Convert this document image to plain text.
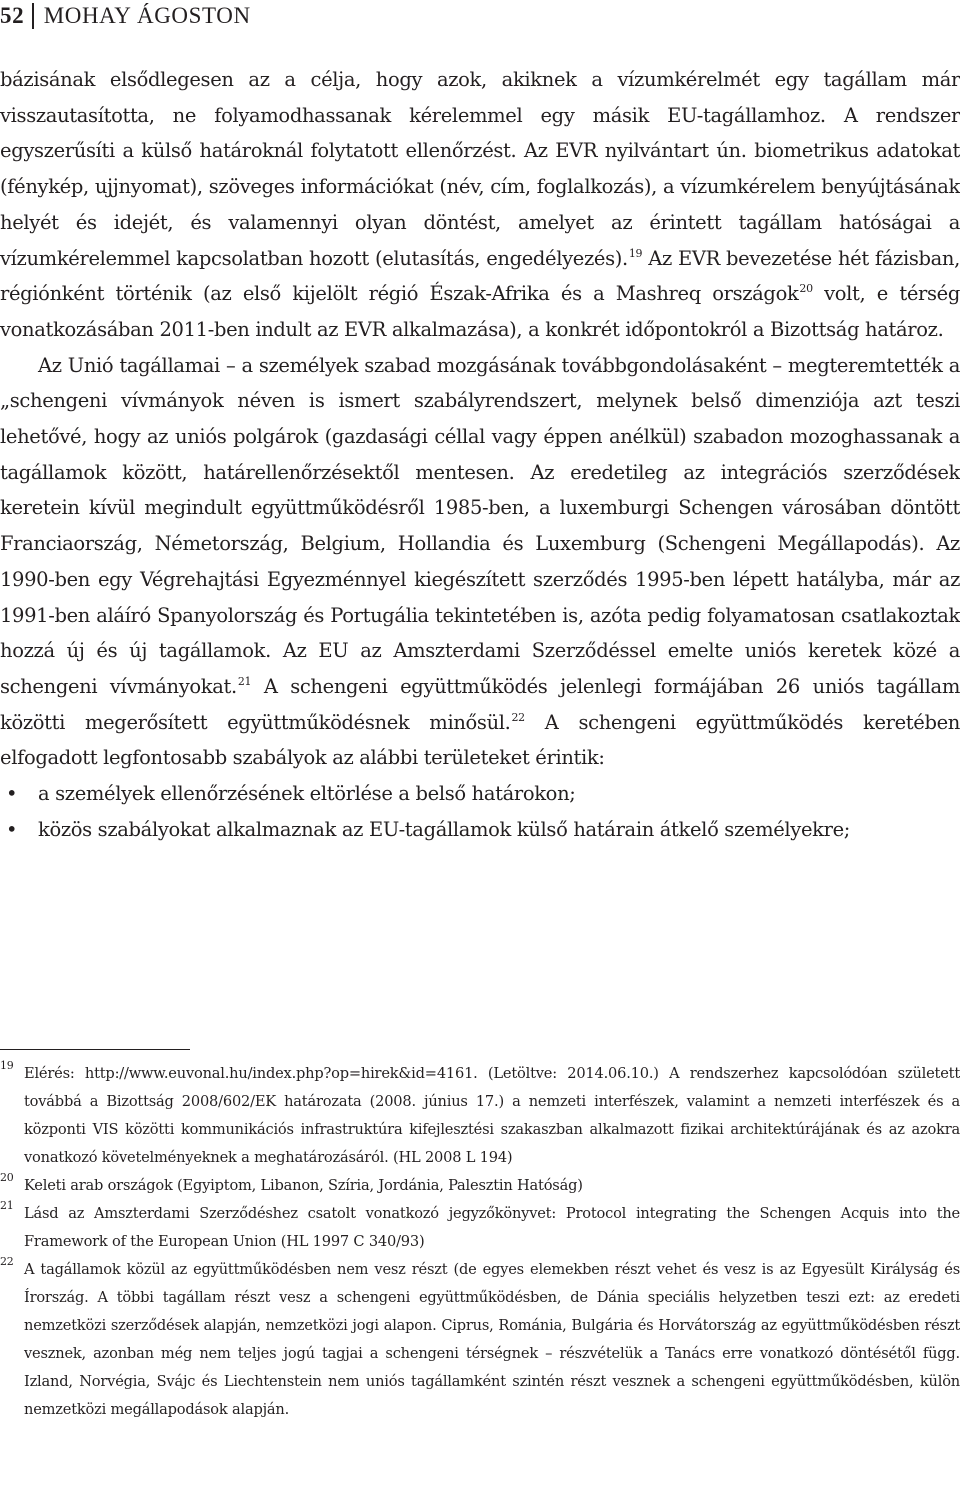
52 MOHAY ÁGOSTON

bázisának elsődlegesen az a célja, hogy azok, akiknek a vízumkérelmét egy tagállam már visszautasította, ne folyamodhassanak kérelemmel egy másik EU-tagállamhoz. A rendszer egyszerűsíti a külső határoknál folytatott ellenőrzést. Az EVR nyilvántart ún. biometrikus adatokat (fénykép, ujjnyomat), szöveges információkat (név, cím, foglalkozás), a vízumkérelem benyújtásának helyét és idejét, és valamennyi olyan döntést, amelyet az érintett tagállam hatóságai a vízumkérelemmel kapcsolatban hozott (elutasítás, engedélyezés).$^{19}$ Az EVR bevezetése hét fázisban, régiónként történik (az első kijelölt régió Észak-Afrika és a Mashreq országok$^{20}$ volt, e térség vonatkozásában 2011-ben indult az EVR alkalmazása), a konkrét időpontokról a Bizottság határoz.

Az Unió tagállamai – a személyek szabad mozgásának továbbgondolásaként – megteremtették a „schengeni vívmányok néven is ismert szabályrendszert, melynek belső dimenziója azt teszi lehetővé, hogy az uniós polgárok (gazdasági céllal vagy éppen anélkül) szabadon mozoghassanak a tagállamok között, határellenőrzésektől mentesen. Az eredetileg az integrációs szerződések keretein kívül megindult együttműködésről 1985-ben, a luxemburgi Schengen városában döntött Franciaország, Németország, Belgium, Hollandia és Luxemburg (Schengeni Megállapodás). Az 1990-ben egy Végrehajtási Egyezménnyel kiegészített szerződés 1995-ben lépett hatályba, már az 1991-ben aláíró Spanyolország és Portugália tekintetében is, azóta pedig folyamatosan csatlakoztak hozzá új és új tagállamok. Az EU az Amszterdami Szerződéssel emelte uniós keretek közé a schengeni vívmányokat.$^{21}$ A schengeni együttműködés jelenlegi formájában 26 uniós tagállam közötti megerősített együttműködésnek minősül.$^{22}$ A schengeni együttműködés keretében elfogadott legfontosabb szabályok az alábbi területeket érintik:

• a személyek ellenőrzésének eltörlése a belső határokon;
• közös szabályokat alkalmaznak az EU-tagállamok külső határain átkelő személyekre;
19 Elérés: http://www.euvonal.hu/index.php?op=hirek&id=4161. (Letöltve: 2014.06.10.) A rendszerhez kapcsolódóan született továbbá a Bizottság 2008/602/EK határozata (2008. június 17.) a nemzeti interfészek, valamint a nemzeti interfészek és a központi VIS közötti kommunikációs infrastruktúra kifejlesztési szakaszban alkalmazott fizikai architektúrájának és az azokra vonatkozó követelményeknek a meghatározásáról. (HL 2008 L 194)
20 Keleti arab országok (Egyiptom, Libanon, Szíria, Jordánia, Palesztin Hatóság)
21 Lásd az Amszterdami Szerződéshez csatolt vonatkozó jegyzőkönyvet: Protocol integrating the Schengen Acquis into the Framework of the European Union (HL 1997 C 340/93)
22 A tagállamok közül az együttműködésben nem vesz részt (de egyes elemekben részt vehet és vesz is az Egyesült Királyság és Írország. A többi tagállam részt vesz a schengeni együttműködésben, de Dánia speciális helyzetben teszi ezt: az eredeti nemzetközi szerződések alapján, nemzetközi jogi alapon. Ciprus, Románia, Bulgária és Horvátország az együttműködésben részt vesznek, azonban még nem teljes jogú tagjai a schengeni térségnek – részvételük a Tanács erre vonatkozó döntésétől függ. Izland, Norvégia, Svájc és Liechtenstein nem uniós tagállamként szintén részt vesznek a schengeni együttműködésben, külön nemzetközi megállapodások alapján.
